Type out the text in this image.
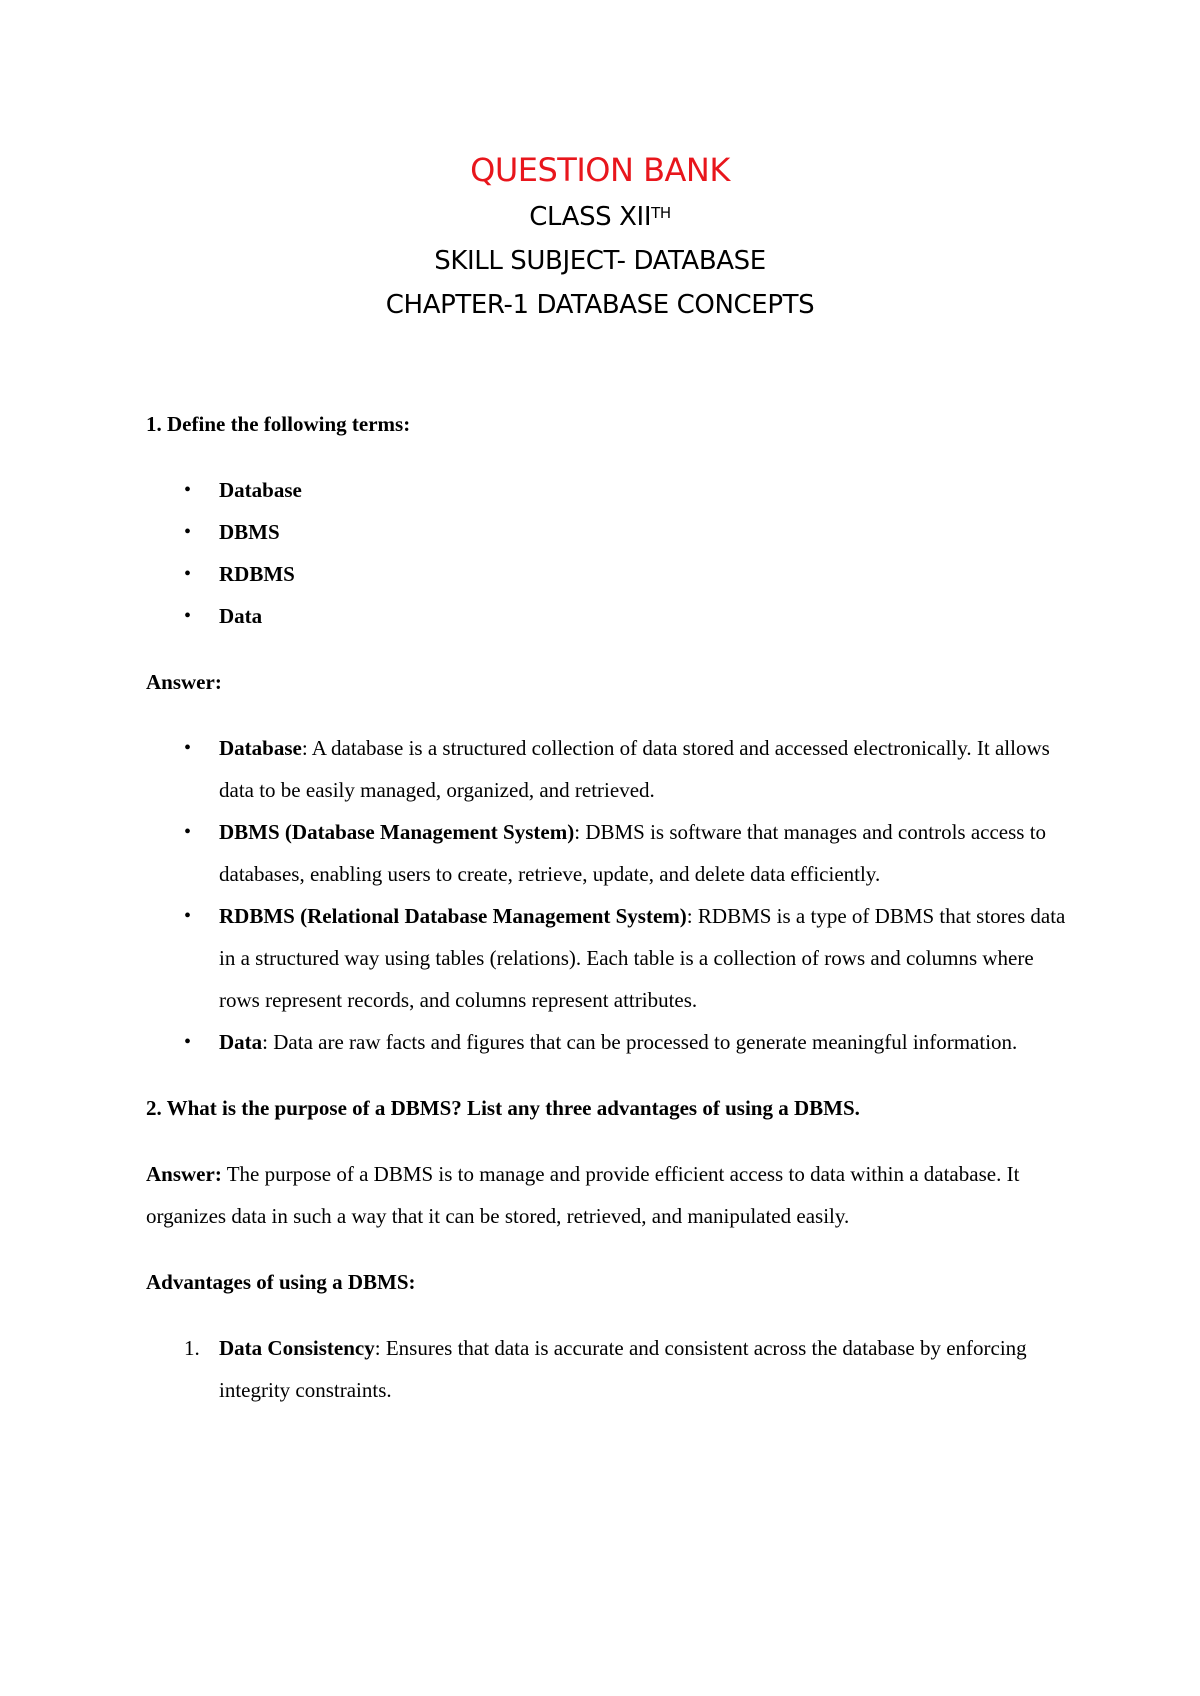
QUESTION BANK

CLASS XIITH

SKILL SUBJECT- DATABASE

CHAPTER-1 DATABASE CONCEPTS

1. Define the following terms:

• Database
• DBMS
• RDBMS
• Data

Answer:

• Database: A database is a structured collection of data stored and accessed electronically. It allows data to be easily managed, organized, and retrieved.
• DBMS (Database Management System): DBMS is software that manages and controls access to databases, enabling users to create, retrieve, update, and delete data efficiently.
• RDBMS (Relational Database Management System): RDBMS is a type of DBMS that stores data in a structured way using tables (relations). Each table is a collection of rows and columns where rows represent records, and columns represent attributes.
• Data: Data are raw facts and figures that can be processed to generate meaningful information.

2. What is the purpose of a DBMS? List any three advantages of using a DBMS.

Answer: The purpose of a DBMS is to manage and provide efficient access to data within a database. It organizes data in such a way that it can be stored, retrieved, and manipulated easily.

Advantages of using a DBMS:

1. Data Consistency: Ensures that data is accurate and consistent across the database by enforcing integrity constraints.
